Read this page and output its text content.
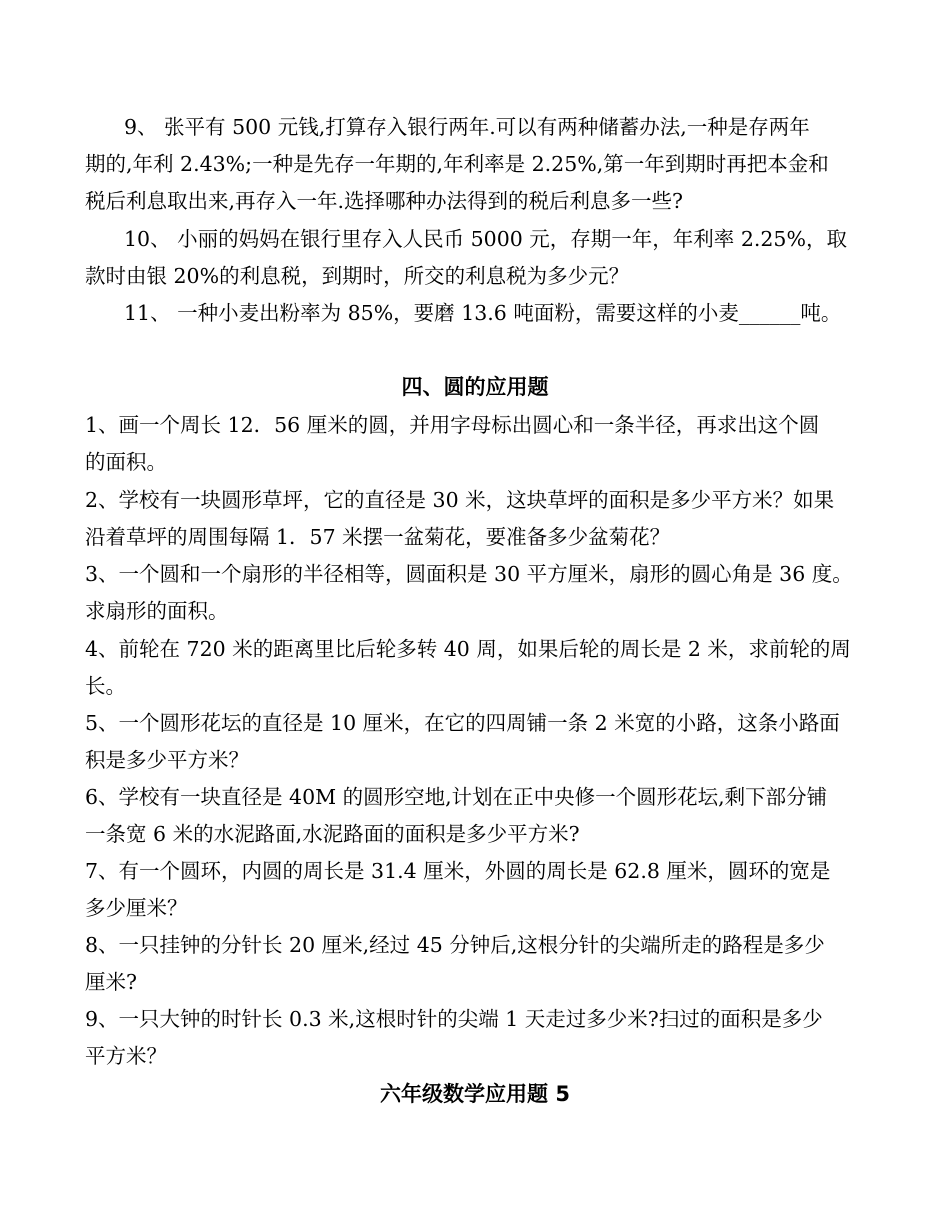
9、 张平有 500 元钱,打算存入银行两年.可以有两种储蓄办法,一种是存两年
期的,年利 2.43%;一种是先存一年期的,年利率是 2.25%,第一年到期时再把本金和
税后利息取出来,再存入一年.选择哪种办法得到的税后利息多一些?
10、 小丽的妈妈在银行里存入人民币 5000 元，存期一年，年利率 2.25%，取
款时由银 20%的利息税，到期时，所交的利息税为多少元？
11、 一种小麦出粉率为 85%，要磨 13.6 吨面粉，需要这样的小麦______吨。
四、圆的应用题
1、画一个周长 12．56 厘米的圆，并用字母标出圆心和一条半径，再求出这个圆
的面积。
2、学校有一块圆形草坪，它的直径是 30 米，这块草坪的面积是多少平方米？如果
沿着草坪的周围每隔 1．57 米摆一盆菊花，要准备多少盆菊花？
3、一个圆和一个扇形的半径相等，圆面积是 30 平方厘米，扇形的圆心角是 36 度。
求扇形的面积。
4、前轮在 720 米的距离里比后轮多转 40 周，如果后轮的周长是 2 米，求前轮的周
长。
5、一个圆形花坛的直径是 10 厘米，在它的四周铺一条 2 米宽的小路，这条小路面
积是多少平方米？
6、学校有一块直径是 40M 的圆形空地,计划在正中央修一个圆形花坛,剩下部分铺
一条宽 6 米的水泥路面,水泥路面的面积是多少平方米?
7、有一个圆环，内圆的周长是 31.4 厘米，外圆的周长是 62.8 厘米，圆环的宽是
多少厘米？
8、一只挂钟的分针长 20 厘米,经过 45 分钟后,这根分针的尖端所走的路程是多少
厘米?
9、一只大钟的时针长 0.3 米,这根时针的尖端 1 天走过多少米?扫过的面积是多少
平方米？
六年级数学应用题 5
